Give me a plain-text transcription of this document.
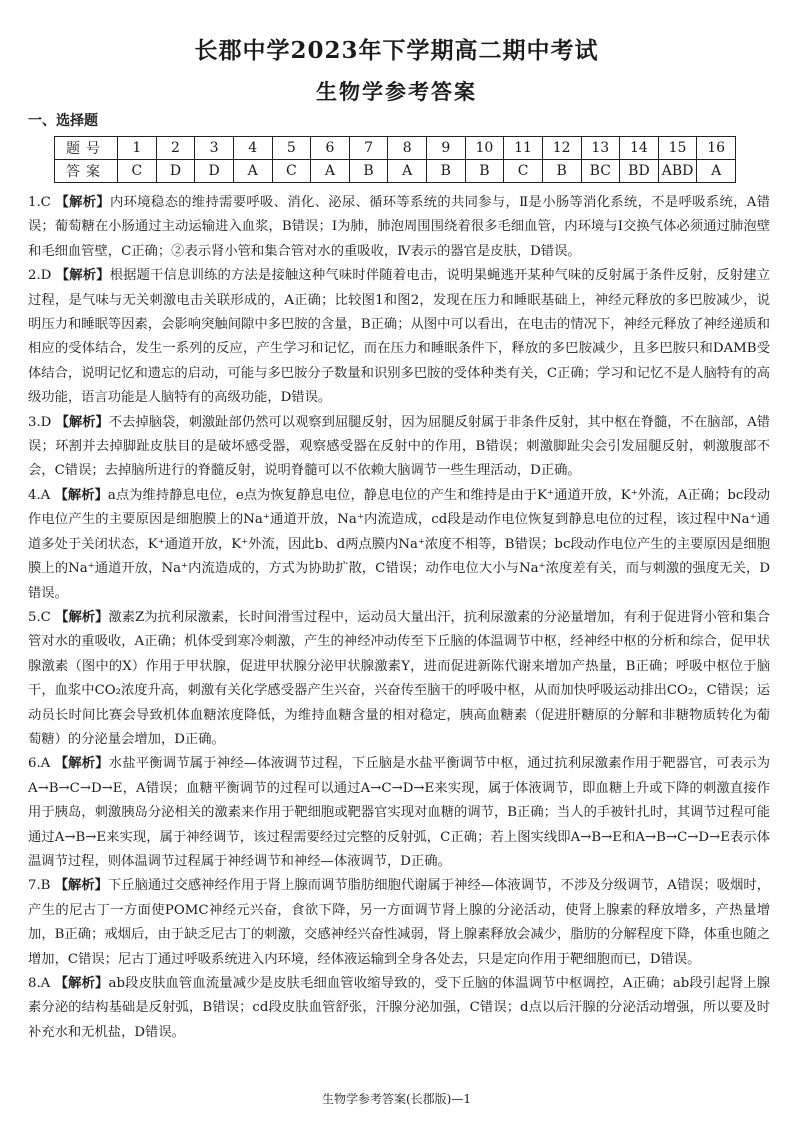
长郡中学2023年下学期高二期中考试
生物学参考答案
一、选择题
题号	1	2	3	4	5	6	7	8	9	10	11	12	13	14	15	16
答案	C	D	D	A	C	A	B	A	B	B	C	B	BC	BD	ABD	A

1.C 【解析】内环境稳态的维持需要呼吸、消化、泌尿、循环等系统的共同参与，Ⅱ是小肠等消化系统，不是呼吸系统，A错误；葡萄糖在小肠通过主动运输进入血浆，B错误；Ⅰ为肺，肺泡周围围绕着很多毛细血管，内环境与Ⅰ交换气体必须通过肺泡壁和毛细血管壁，C正确；②表示肾小管和集合管对水的重吸收，Ⅳ表示的器官是皮肤，D错误。

2.D 【解析】根据题干信息训练的方法是接触这种气味时伴随着电击，说明果蝇逃开某种气味的反射属于条件反射，反射建立过程，是气味与无关刺激电击关联形成的，A正确；比较图1和图2，发现在压力和睡眠基础上，神经元释放的多巴胺减少，说明压力和睡眠等因素，会影响突触间隙中多巴胺的含量，B正确；从图中可以看出，在电击的情况下，神经元释放了神经递质和相应的受体结合，发生一系列的反应，产生学习和记忆，而在压力和睡眠条件下，释放的多巴胺减少，且多巴胺只和DAMB受体结合，说明记忆和遗忘的启动，可能与多巴胺分子数量和识别多巴胺的受体种类有关，C正确；学习和记忆不是人脑特有的高级功能，语言功能是人脑特有的高级功能，D错误。

3.D 【解析】不去掉脑袋，刺激趾部仍然可以观察到屈腿反射，因为屈腿反射属于非条件反射，其中枢在脊髓，不在脑部，A错误；环割并去掉脚趾皮肤目的是破坏感受器，观察感受器在反射中的作用，B错误；刺激脚趾尖会引发屈腿反射，刺激腹部不会，C错误；去掉脑所进行的脊髓反射，说明脊髓可以不依赖大脑调节一些生理活动，D正确。

4.A 【解析】a点为维持静息电位，e点为恢复静息电位，静息电位的产生和维持是由于K⁺通道开放，K⁺外流，A正确；bc段动作电位产生的主要原因是细胞膜上的Na⁺通道开放，Na⁺内流造成，cd段是动作电位恢复到静息电位的过程，该过程中Na⁺通道多处于关闭状态，K⁺通道开放，K⁺外流，因此b、d两点膜内Na⁺浓度不相等，B错误；bc段动作电位产生的主要原因是细胞膜上的Na⁺通道开放，Na⁺内流造成的，方式为协助扩散，C错误；动作电位大小与Na⁺浓度差有关，而与刺激的强度无关，D错误。

5.C 【解析】激素Z为抗利尿激素，长时间滑雪过程中，运动员大量出汗，抗利尿激素的分泌量增加，有利于促进肾小管和集合管对水的重吸收，A正确；机体受到寒冷刺激，产生的神经冲动传至下丘脑的体温调节中枢，经神经中枢的分析和综合，促甲状腺激素（图中的X）作用于甲状腺，促进甲状腺分泌甲状腺激素Y，进而促进新陈代谢来增加产热量，B正确；呼吸中枢位于脑干，血浆中CO₂浓度升高，刺激有关化学感受器产生兴奋，兴奋传至脑干的呼吸中枢，从而加快呼吸运动排出CO₂，C错误；运动员长时间比赛会导致机体血糖浓度降低，为维持血糖含量的相对稳定，胰高血糖素（促进肝糖原的分解和非糖物质转化为葡萄糖）的分泌量会增加，D正确。

6.A 【解析】水盐平衡调节属于神经—体液调节过程，下丘脑是水盐平衡调节中枢，通过抗利尿激素作用于靶器官，可表示为A→B→C→D→E，A错误；血糖平衡调节的过程可以通过A→C→D→E来实现，属于体液调节，即血糖上升或下降的刺激直接作用于胰岛，刺激胰岛分泌相关的激素来作用于靶细胞或靶器官实现对血糖的调节，B正确；当人的手被针扎时，其调节过程可能通过A→B→E来实现，属于神经调节，该过程需要经过完整的反射弧，C正确；若上图实线即A→B→E和A→B→C→D→E表示体温调节过程，则体温调节过程属于神经调节和神经—体液调节，D正确。

7.B 【解析】下丘脑通过交感神经作用于肾上腺而调节脂肪细胞代谢属于神经—体液调节，不涉及分级调节，A错误；吸烟时，产生的尼古丁一方面使POMC神经元兴奋，食欲下降，另一方面调节肾上腺的分泌活动，使肾上腺素的释放增多，产热量增加，B正确；戒烟后，由于缺乏尼古丁的刺激，交感神经兴奋性减弱，肾上腺素释放会减少，脂肪的分解程度下降，体重也随之增加，C错误；尼古丁通过呼吸系统进入内环境，经体液运输到全身各处去，只是定向作用于靶细胞而已，D错误。

8.A 【解析】ab段皮肤血管血流量减少是皮肤毛细血管收缩导致的，受下丘脑的体温调节中枢调控，A正确；ab段引起肾上腺素分泌的结构基础是反射弧，B错误；cd段皮肤血管舒张，汗腺分泌加强，C错误；d点以后汗腺的分泌活动增强，所以要及时补充水和无机盐，D错误。

生物学参考答案(长郡版)—1
